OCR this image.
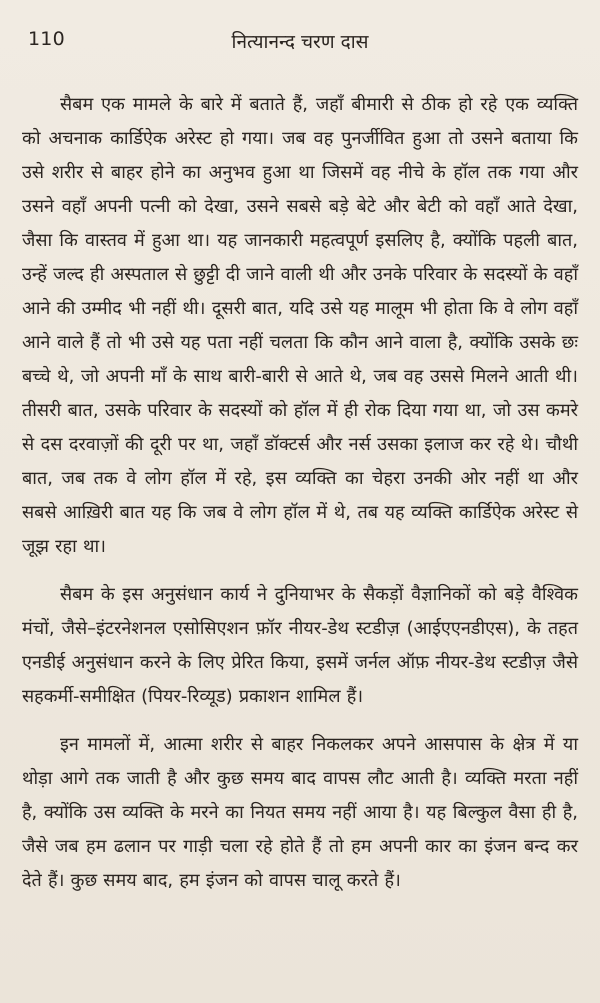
110	नित्यानन्द चरण दास

सैबम एक मामले के बारे में बताते हैं, जहाँ बीमारी से ठीक हो रहे एक व्यक्ति को अचनाक कार्डिऐक अरेस्ट हो गया। जब वह पुनर्जीवित हुआ तो उसने बताया कि उसे शरीर से बाहर होने का अनुभव हुआ था जिसमें वह नीचे के हॉल तक गया और उसने वहाँ अपनी पत्नी को देखा, उसने सबसे बड़े बेटे और बेटी को वहाँ आते देखा, जैसा कि वास्तव में हुआ था। यह जानकारी महत्वपूर्ण इसलिए है, क्योंकि पहली बात, उन्हें जल्द ही अस्पताल से छुट्टी दी जाने वाली थी और उनके परिवार के सदस्यों के वहाँ आने की उम्मीद भी नहीं थी। दूसरी बात, यदि उसे यह मालूम भी होता कि वे लोग वहाँ आने वाले हैं तो भी उसे यह पता नहीं चलता कि कौन आने वाला है, क्योंकि उसके छः बच्चे थे, जो अपनी माँ के साथ बारी-बारी से आते थे, जब वह उससे मिलने आती थी। तीसरी बात, उसके परिवार के सदस्यों को हॉल में ही रोक दिया गया था, जो उस कमरे से दस दरवाज़ों की दूरी पर था, जहाँ डॉक्टर्स और नर्स उसका इलाज कर रहे थे। चौथी बात, जब तक वे लोग हॉल में रहे, इस व्यक्ति का चेहरा उनकी ओर नहीं था और सबसे आख़िरी बात यह कि जब वे लोग हॉल में थे, तब यह व्यक्ति कार्डिऐक अरेस्ट से जूझ रहा था।

सैबम के इस अनुसंधान कार्य ने दुनियाभर के सैकड़ों वैज्ञानिकों को बड़े वैश्विक मंचों, जैसे–इंटरनेशनल एसोसिएशन फ़ॉर नीयर-डेथ स्टडीज़ (आईएएनडीएस), के तहत एनडीई अनुसंधान करने के लिए प्रेरित किया, इसमें जर्नल ऑफ़ नीयर-डेथ स्टडीज़ जैसे सहकर्मी-समीक्षित (पियर-रिव्यूड) प्रकाशन शामिल हैं।

इन मामलों में, आत्मा शरीर से बाहर निकलकर अपने आसपास के क्षेत्र में या थोड़ा आगे तक जाती है और कुछ समय बाद वापस लौट आती है। व्यक्ति मरता नहीं है, क्योंकि उस व्यक्ति के मरने का नियत समय नहीं आया है। यह बिल्कुल वैसा ही है, जैसे जब हम ढलान पर गाड़ी चला रहे होते हैं तो हम अपनी कार का इंजन बन्द कर देते हैं। कुछ समय बाद, हम इंजन को वापस चालू करते हैं।
